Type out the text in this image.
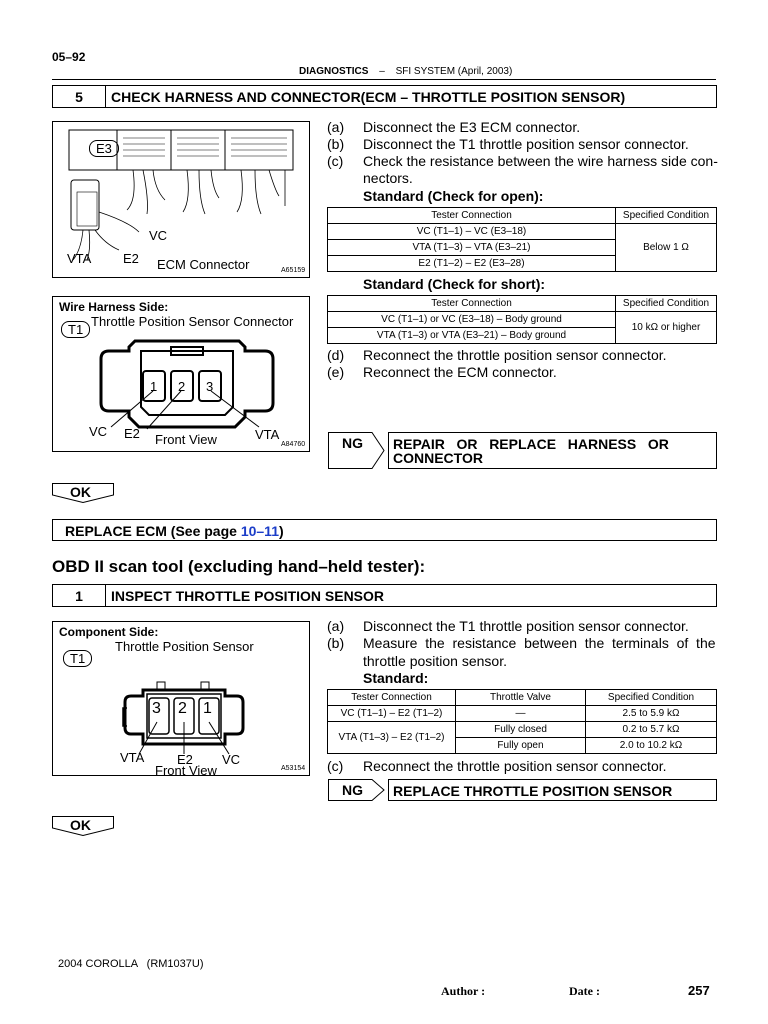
05–92
DIAGNOSTICS – SFI SYSTEM (April, 2003)
5	CHECK HARNESS AND CONNECTOR(ECM – THROTTLE POSITION SENSOR)
E3
VC
VTA E2 ECM Connector	A65159
(a)	Disconnect the E3 ECM connector.
(b)	Disconnect the T1 throttle position sensor connector.
(c)	Check the resistance between the wire harness side con-
nectors.
Standard (Check for open):
Tester Connection	Specified Condition
VC (T1–1) – VC (E3–18)	Below 1 Ω
VTA (T1–3) – VTA (E3–21)	
E2 (T1–2) – E2 (E3–28)	
Standard (Check for short):
Tester Connection	Specified Condition
VC (T1–1) or VC (E3–18) – Body ground	10 kΩ or higher
VTA (T1–3) or VTA (E3–21) – Body ground	
(d)	Reconnect the throttle position sensor connector.
(e)	Reconnect the ECM connector.
Wire Harness Side:
T1
Throttle Position Sensor Connector
1 2 3
VC E2 Front View	VTA
A84760	NG REPAIR   OR   REPLACE   HARNESS   OR
CONNECTOR
OK
REPLACE ECM (See page 10–11)
OBD II scan tool (excluding hand–held tester):
1	INSPECT THROTTLE POSITION SENSOR
Component Side:
T1
Throttle Position Sensor
3 2 1
VTA	E2 VC
Front View	A53154
(a)	Disconnect the T1 throttle position sensor connector.
(b)	Measure  the  resistance  between  the  terminals  of  the
throttle position sensor.
Standard:
Tester Connection	Throttle Valve	Specified Condition
VC (T1–1) – E2 (T1–2)	—	2.5 to 5.9 kΩ
VTA (T1–3) – E2 (T1–2)	Fully closed	0.2 to 5.7 kΩ
	Fully open	2.0 to 10.2 kΩ
(c)	Reconnect the throttle position sensor connector.
NG REPLACE THROTTLE POSITION SENSOR
OK
2004 COROLLA   (RM1037U)
Author :	Date :	257
